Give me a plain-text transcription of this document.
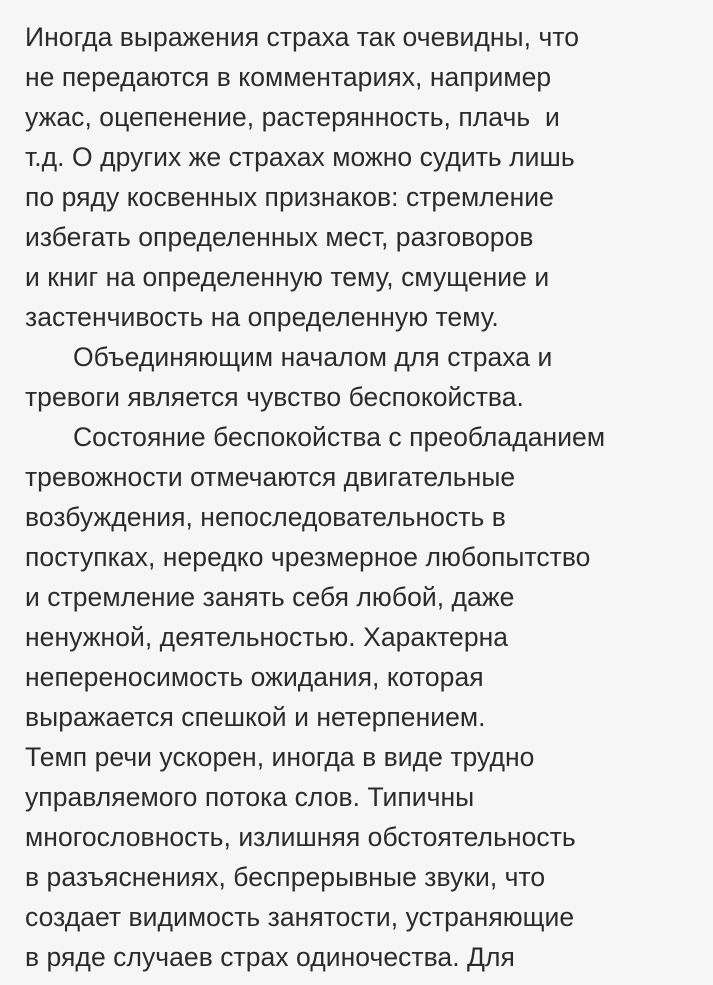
Иногда выражения страха так очевидны, что
не передаются в комментариях, например
ужас, оцепенение, растерянность, плачь  и
т.д. О других же страхах можно судить лишь
по ряду косвенных признаков: стремление
избегать определенных мест, разговоров
и книг на определенную тему, смущение и
застенчивость на определенную тему.
Объединяющим началом для страха и
тревоги является чувство беспокойства.
Состояние беспокойства с преобладанием
тревожности отмечаются двигательные
возбуждения, непоследовательность в
поступках, нередко чрезмерное любопытство
и стремление занять себя любой, даже
ненужной, деятельностью. Характерна
непереносимость ожидания, которая
выражается спешкой и нетерпением.
Темп речи ускорен, иногда в виде трудно
управляемого потока слов. Типичны
многословность, излишняя обстоятельность
в разъяснениях, беспрерывные звуки, что
создает видимость занятости, устраняющие
в ряде случаев страх одиночества. Для
